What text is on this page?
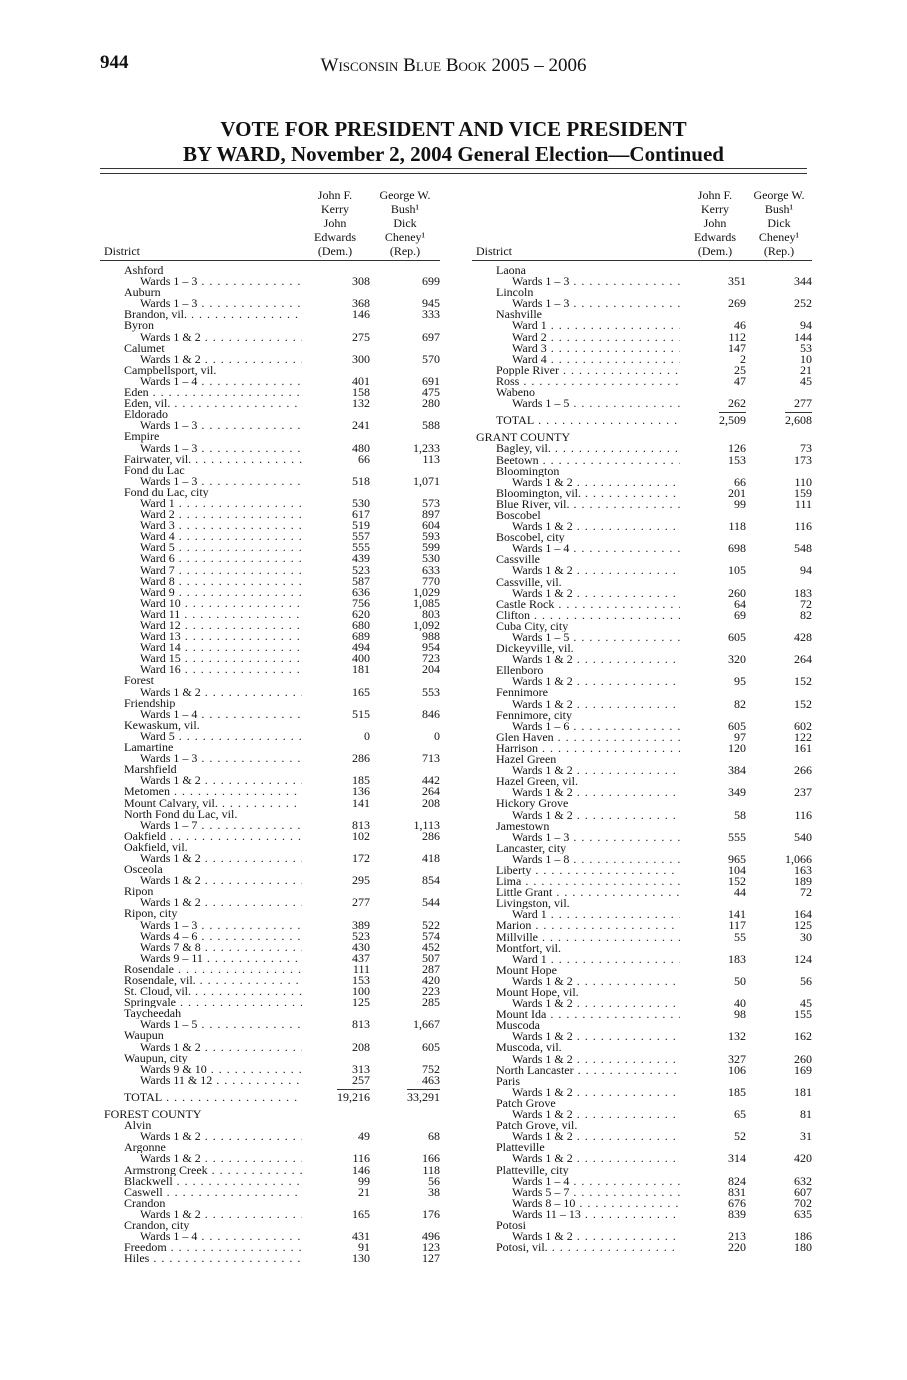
944	Wisconsin Blue Book 2005 – 2006
VOTE FOR PRESIDENT AND VICE PRESIDENT
BY WARD, November 2, 2004 General Election—Continued
District
John F.
Kerry
John
Edwards
(Dem.)
George W.
Bush¹
Dick
Cheney¹
(Rep.)
Ashford
Wards 1 – 3 . . .	308	699
Auburn
Wards 1 – 3 . . .	368	945
Brandon, vil. . . .	146	333
Byron
Wards 1 & 2 . . .	275	697
Calumet
Wards 1 & 2 . . .	300	570
Campbellsport, vil.
Wards 1 – 4 . . .	401	691
Eden . . .	158	475
Eden, vil. . . .	132	280
Eldorado
Wards 1 – 3 . . .	241	588
Empire
Wards 1 – 3 . . .	480	1,233
Fairwater, vil. . . .	66	113
Fond du Lac
Wards 1 – 3 . . .	518	1,071
Fond du Lac, city
Ward 1 . . .	530	573
Ward 2 . . .	617	897
Ward 3 . . .	519	604
Ward 4 . . .	557	593
Ward 5 . . .	555	599
Ward 6 . . .	439	530
Ward 7 . . .	523	633
Ward 8 . . .	587	770
Ward 9 . . .	636	1,029
Ward 10 . . .	756	1,085
Ward 11 . . .	620	803
Ward 12 . . .	680	1,092
Ward 13 . . .	689	988
Ward 14 . . .	494	954
Ward 15 . . .	400	723
Ward 16 . . .	181	204
Forest
Wards 1 & 2 . . .	165	553
Friendship
Wards 1 – 4 . . .	515	846
Kewaskum, vil.
Ward 5 . . .	0	0
Lamartine
Wards 1 – 3 . . .	286	713
Marshfield
Wards 1 & 2 . . .	185	442
Metomen . . .	136	264
Mount Calvary, vil. . . .	141	208
North Fond du Lac, vil.
Wards 1 – 7 . . .	813	1,113
Oakfield . . .	102	286
Oakfield, vil.
Wards 1 & 2 . . .	172	418
Osceola
Wards 1 & 2 . . .	295	854
Ripon
Wards 1 & 2 . . .	277	544
Ripon, city
Wards 1 – 3 . . .	389	522
Wards 4 – 6 . . .	523	574
Wards 7 & 8 . . .	430	452
Wards 9 – 11 . . .	437	507
Rosendale . . .	111	287
Rosendale, vil. . . .	153	420
St. Cloud, vil. . . .	100	223
Springvale . . .	125	285
Taycheedah
Wards 1 – 5 . . .	813	1,667
Waupun
Wards 1 & 2 . . .	208	605
Waupun, city
Wards 9 & 10 . . .	313	752
Wards 11 & 12 . . .	257	463
TOTAL . . .	19,216	33,291
FOREST COUNTY
Alvin
Wards 1 & 2 . . .	49	68
Argonne
Wards 1 & 2 . . .	116	166
Armstrong Creek . . .	146	118
Blackwell . . .	99	56
Caswell . . .	21	38
Crandon
Wards 1 & 2 . . .	165	176
Crandon, city
Wards 1 – 4 . . .	431	496
Freedom . . .	91	123
Hiles . . .	130	127
District
John F.
Kerry
John
Edwards
(Dem.)
George W.
Bush¹
Dick
Cheney¹
(Rep.)
Laona
Wards 1 – 3 . . .	351	344
Lincoln
Wards 1 – 3 . . .	269	252
Nashville
Ward 1 . . .	46	94
Ward 2 . . .	112	144
Ward 3 . . .	147	53
Ward 4 . . .	2	10
Popple River . . .	25	21
Ross . . .	47	45
Wabeno
Wards 1 – 5 . . .	262	277
TOTAL . . .	2,509	2,608
GRANT COUNTY
Bagley, vil. . . .	126	73
Beetown . . .	153	173
Bloomington
Wards 1 & 2 . . .	66	110
Bloomington, vil. . . .	201	159
Blue River, vil. . . .	99	111
Boscobel
Wards 1 & 2 . . .	118	116
Boscobel, city
Wards 1 – 4 . . .	698	548
Cassville
Wards 1 & 2 . . .	105	94
Cassville, vil.
Wards 1 & 2 . . .	260	183
Castle Rock . . .	64	72
Clifton . . .	69	82
Cuba City, city
Wards 1 – 5 . . .	605	428
Dickeyville, vil.
Wards 1 & 2 . . .	320	264
Ellenboro
Wards 1 & 2 . . .	95	152
Fennimore
Wards 1 & 2 . . .	82	152
Fennimore, city
Wards 1 – 6 . . .	605	602
Glen Haven . . .	97	122
Harrison . . .	120	161
Hazel Green
Wards 1 & 2 . . .	384	266
Hazel Green, vil.
Wards 1 & 2 . . .	349	237
Hickory Grove
Wards 1 & 2 . . .	58	116
Jamestown
Wards 1 – 3 . . .	555	540
Lancaster, city
Wards 1 – 8 . . .	965	1,066
Liberty . . .	104	163
Lima . . .	152	189
Little Grant . . .	44	72
Livingston, vil.
Ward 1 . . .	141	164
Marion . . .	117	125
Millville . . .	55	30
Montfort, vil.
Ward 1 . . .	183	124
Mount Hope
Wards 1 & 2 . . .	50	56
Mount Hope, vil.
Wards 1 & 2 . . .	40	45
Mount Ida . . .	98	155
Muscoda
Wards 1 & 2 . . .	132	162
Muscoda, vil.
Wards 1 & 2 . . .	327	260
North Lancaster . . .	106	169
Paris
Wards 1 & 2 . . .	185	181
Patch Grove
Wards 1 & 2 . . .	65	81
Patch Grove, vil.
Wards 1 & 2 . . .	52	31
Platteville
Wards 1 & 2 . . .	314	420
Platteville, city
Wards 1 – 4 . . .	824	632
Wards 5 – 7 . . .	831	607
Wards 8 – 10 . . .	676	702
Wards 11 – 13 . . .	839	635
Potosi
Wards 1 & 2 . . .	213	186
Potosi, vil. . . .	220	180
